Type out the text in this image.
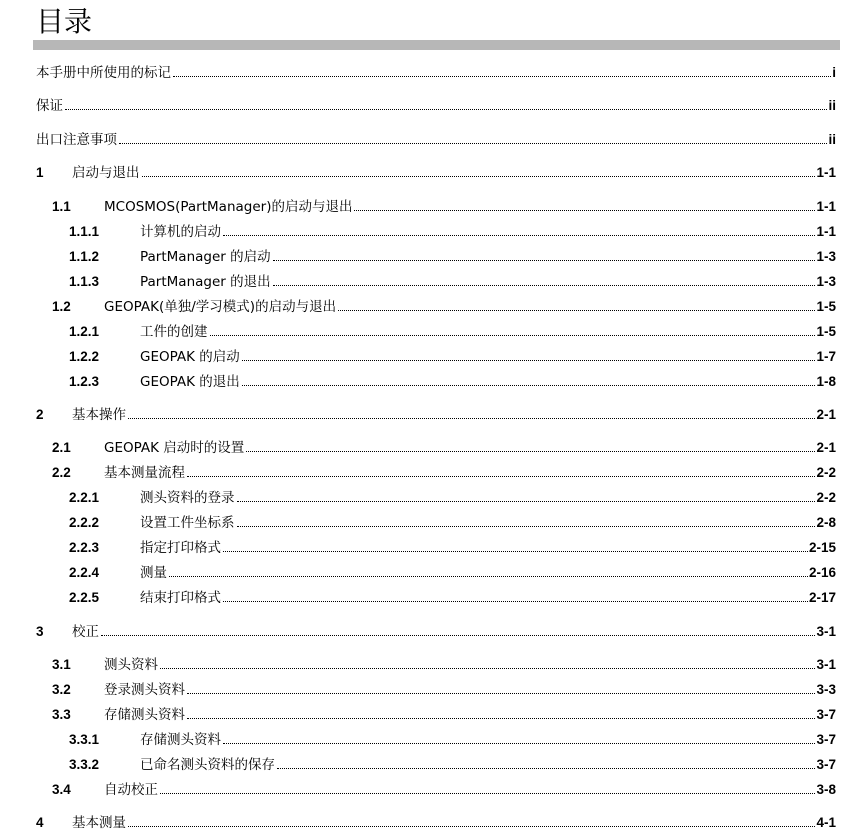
目录
本手册中所使用的标记	i
保证	ii
出口注意事项	ii
1 启动与退出	1-1
1.1 MCOSMOS(PartManager)的启动与退出	1-1
1.1.1	计算机的启动	1-1
1.1.2	PartManager 的启动	1-3
1.1.3	PartManager 的退出	1-3
1.2 GEOPAK(单独/学习模式)的启动与退出	1-5
1.2.1	工件的创建	1-5
1.2.2	GEOPAK 的启动	1-7
1.2.3	GEOPAK 的退出	1-8
2 基本操作	2-1
2.1 GEOPAK 启动时的设置	2-1
2.2 基本测量流程	2-2
2.2.1	测头资料的登录	2-2
2.2.2	设置工件坐标系	2-8
2.2.3	指定打印格式	2-15
2.2.4	测量	2-16
2.2.5	结束打印格式	2-17
3 校正	3-1
3.1 测头资料	3-1
3.2 登录测头资料	3-3
3.3 存储测头资料	3-7
3.3.1	存储测头资料	3-7
3.3.2	已命名测头资料的保存	3-7
3.4 自动校正	3-8
4 基本测量	4-1
